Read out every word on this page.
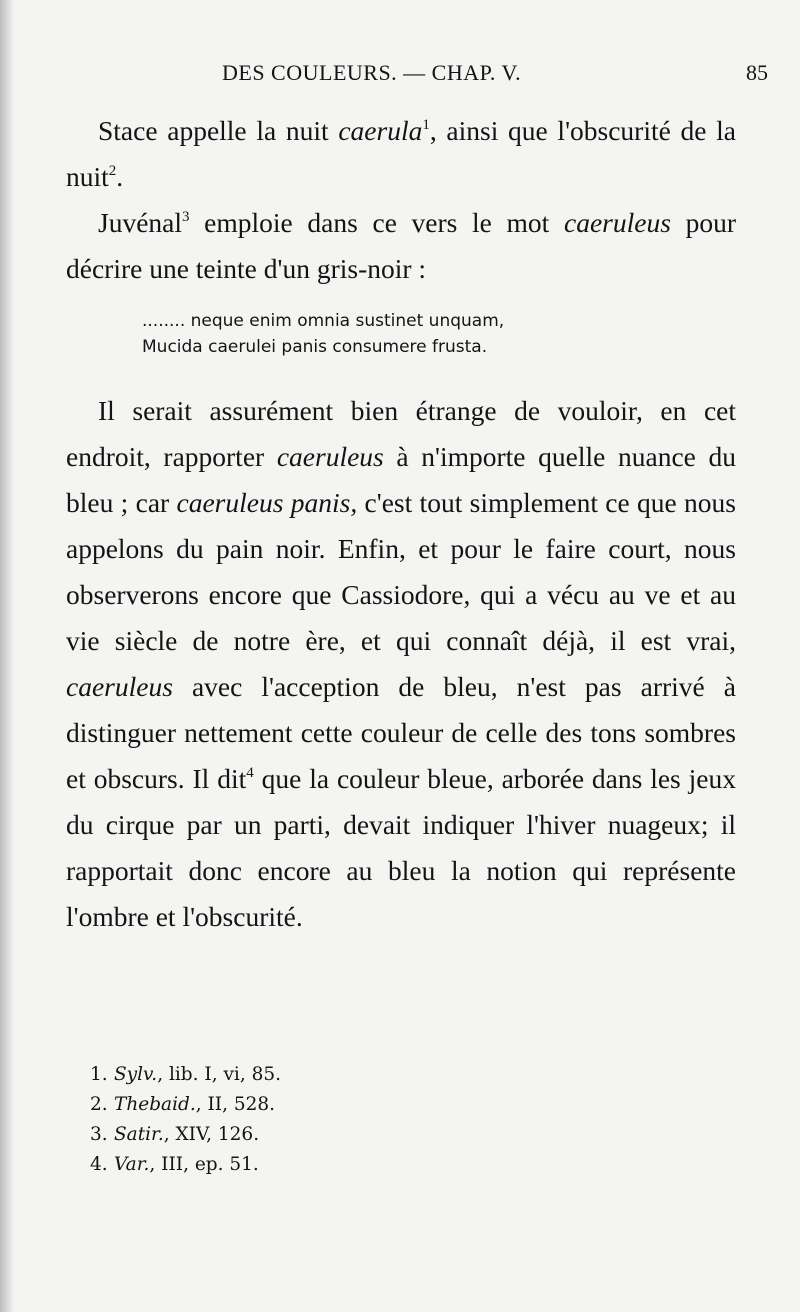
DES COULEURS. — CHAP. V.	85

Stace appelle la nuit caerula$^1$, ainsi que l'obscurité de la nuit$^2$.

Juvénal$^3$ emploie dans ce vers le mot caeruleus pour décrire une teinte d'un gris-noir :

........ neque enim omnia sustinet unquam,
Mucida caerulei panis consumere frusta.

Il serait assurément bien étrange de vouloir, en cet endroit, rapporter caeruleus à n'importe quelle nuance du bleu ; car caeruleus panis, c'est tout simplement ce que nous appelons du pain noir. Enfin, et pour le faire court, nous observerons encore que Cassiodore, qui a vécu au ve et au vie siècle de notre ère, et qui connaît déjà, il est vrai, caeruleus avec l'acception de bleu, n'est pas arrivé à distinguer nettement cette couleur de celle des tons sombres et obscurs. Il dit$^4$ que la couleur bleue, arborée dans les jeux du cirque par un parti, devait indiquer l'hiver nuageux; il rapportait donc encore au bleu la notion qui représente l'ombre et l'obscurité.

1. Sylv. , lib. I, vi, 85.
2. Thebaid. , II, 528.
3. Satir. , XIV, 126.
4. Var. , III, ep. 51.
